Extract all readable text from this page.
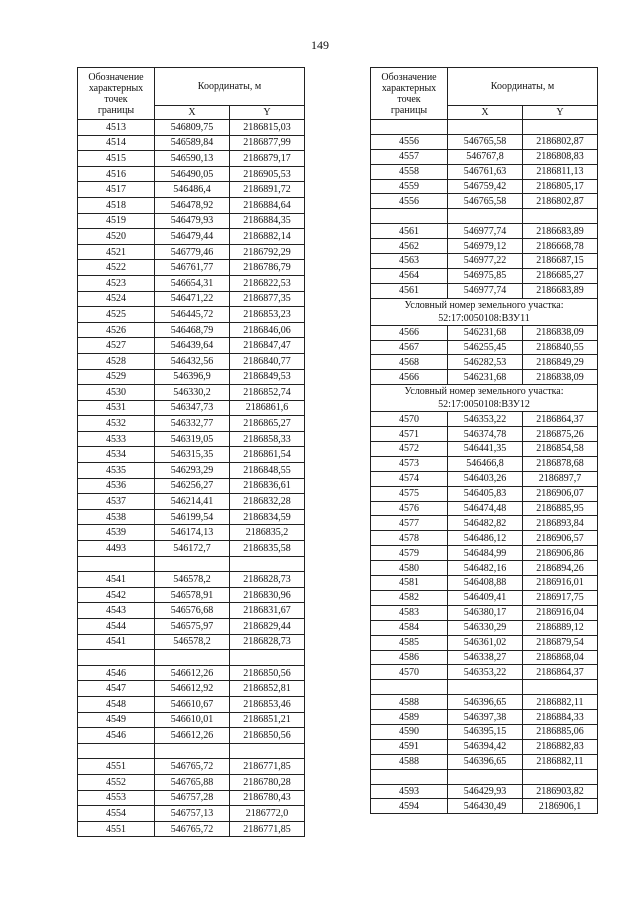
149
Обозначение
характерных
точек
границы	Координаты, м	
	X	Y
4513	546809,75	2186815,03
4514	546589,84	2186877,99
4515	546590,13	2186879,17
4516	546490,05	2186905,53
4517	546486,4	2186891,72
4518	546478,92	2186884,64
4519	546479,93	2186884,35
4520	546479,44	2186882,14
4521	546779,46	2186792,29
4522	546761,77	2186786,79
4523	546654,31	2186822,53
4524	546471,22	2186877,35
4525	546445,72	2186853,23
4526	546468,79	2186846,06
4527	546439,64	2186847,47
4528	546432,56	2186840,77
4529	546396,9	2186849,53
4530	546330,2	2186852,74
4531	546347,73	2186861,6
4532	546332,77	2186865,27
4533	546319,05	2186858,33
4534	546315,35	2186861,54
4535	546293,29	2186848,55
4536	546256,27	2186836,61
4537	546214,41	2186832,28
4538	546199,54	2186834,59
4539	546174,13	2186835,2
4493	546172,7	2186835,58

4541	546578,2	2186828,73
4542	546578,91	2186830,96
4543	546576,68	2186831,67
4544	546575,97	2186829,44
4541	546578,2	2186828,73

4546	546612,26	2186850,56
4547	546612,92	2186852,81
4548	546610,67	2186853,46
4549	546610,01	2186851,21
4546	546612,26	2186850,56

4551	546765,72	2186771,85
4552	546765,88	2186780,28
4553	546757,28	2186780,43
4554	546757,13	2186772,0
4551	546765,72	2186771,85
Обозначение
характерных
точек
границы	Координаты, м	
	X	Y

4556	546765,58	2186802,87
4557	546767,8	2186808,83
4558	546761,63	2186811,13
4559	546759,42	2186805,17
4556	546765,58	2186802,87

4561	546977,74	2186683,89
4562	546979,12	2186668,78
4563	546977,22	2186687,15
4564	546975,85	2186685,27
4561	546977,74	2186683,89
Условный номер земельного участка: 52:17:0050108:ВЗУ11		
4566	546231,68	2186838,09
4567	546255,45	2186840,55
4568	546282,53	2186849,29
4566	546231,68	2186838,09
Условный номер земельного участка: 52:17:0050108:ВЗУ12		
4570	546353,22	2186864,37
4571	546374,78	2186875,26
4572	546441,35	2186854,58
4573	546466,8	2186878,68
4574	546403,26	2186897,7
4575	546405,83	2186906,07
4576	546474,48	2186885,95
4577	546482,82	2186893,84
4578	546486,12	2186906,57
4579	546484,99	2186906,86
4580	546482,16	2186894,26
4581	546408,88	2186916,01
4582	546409,41	2186917,75
4583	546380,17	2186916,04
4584	546330,29	2186889,12
4585	546361,02	2186879,54
4586	546338,27	2186868,04
4570	546353,22	2186864,37

4588	546396,65	2186882,11
4589	546397,38	2186884,33
4590	546395,15	2186885,06
4591	546394,42	2186882,83
4588	546396,65	2186882,11

4593	546429,93	2186903,82
4594	546430,49	2186906,1
